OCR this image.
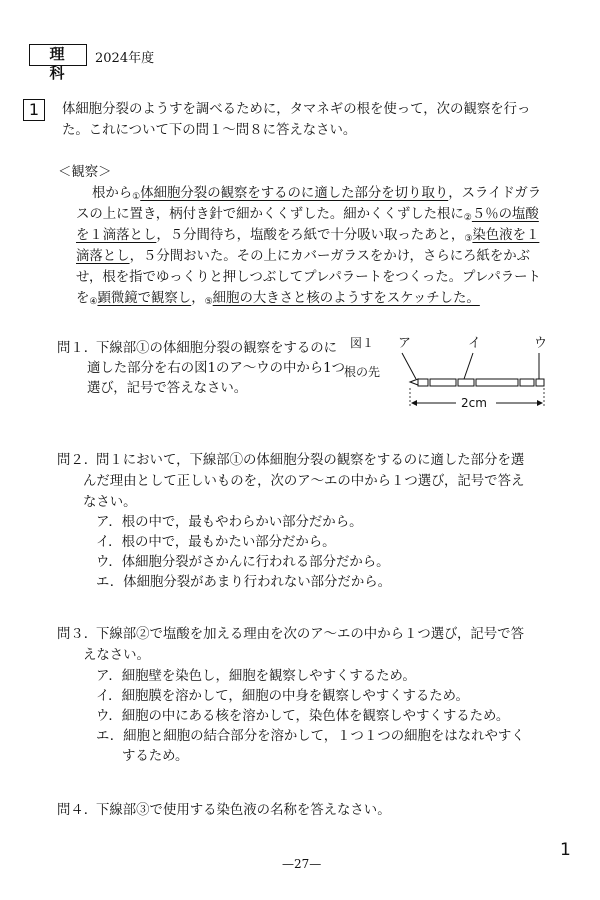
理 科
2024年度
1	体細胞分裂のようすを調べるために，タマネギの根を使って，次の観察を行っ
た。これについて下の問１〜問８に答えなさい。
＜観察＞
根から①体細胞分裂の観察をするのに適した部分を切り取り，スライドガラ
スの上に置き，柄付き針で細かくくずした。細かくくずした根に②５％の塩酸
を１滴落とし，５分間待ち，塩酸をろ紙で十分吸い取ったあと，③染色液を１
滴落とし，５分間おいた。その上にカバーガラスをかけ，さらにろ紙をかぶ
せ，根を指でゆっくりと押しつぶしてプレパラートをつくった。プレパラート
を④顕微鏡で観察し，⑤細胞の大きさと核のようすをスケッチした。
問１．
下線部①の体細胞分裂の観察をするのに
適した部分を右の図1のア〜ウの中から1つ
選び，記号で答えなさい。
図１ ア	イ	ウ
根の先
2cm
問２．
問１において，下線部①の体細胞分裂の観察をするのに適した部分を選
んだ理由として正しいものを，次のア〜エの中から１つ選び，記号で答え
なさい。
ア．根の中で，最もやわらかい部分だから。
イ．根の中で，最もかたい部分だから。
ウ．体細胞分裂がさかんに行われる部分だから。
エ．体細胞分裂があまり行われない部分だから。
問３．
下線部②で塩酸を加える理由を次のア〜エの中から１つ選び，記号で答
えなさい。
ア．細胞壁を染色し，細胞を観察しやすくするため。
イ．細胞膜を溶かして，細胞の中身を観察しやすくするため。
ウ．細胞の中にある核を溶かして，染色体を観察しやすくするため。
エ．細胞と細胞の結合部分を溶かして，１つ１つの細胞をはなれやすく
するため。
問４．
下線部③で使用する染色液の名称を答えなさい。
—27—
1
